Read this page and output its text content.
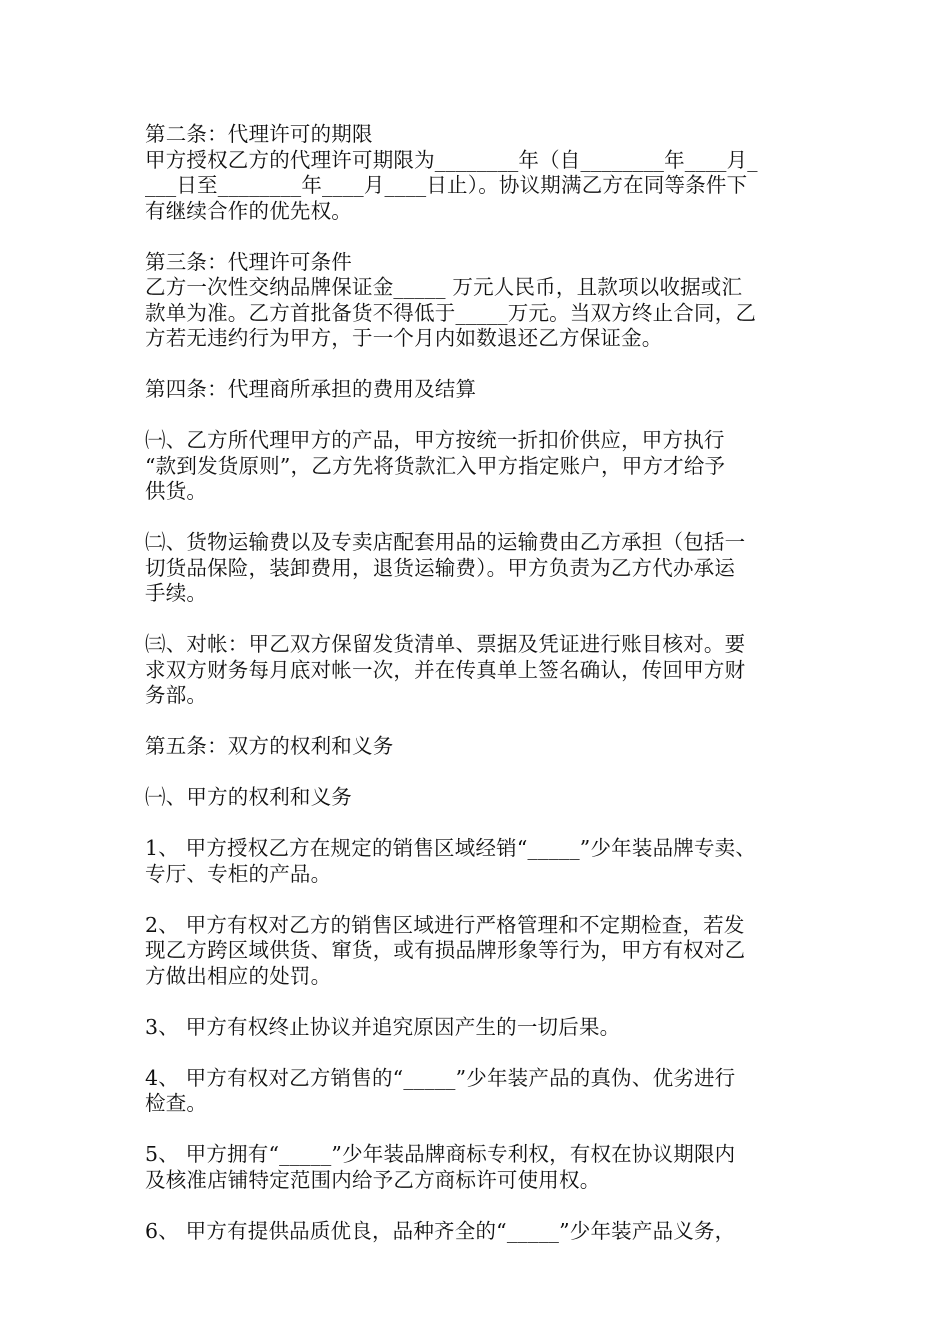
第二条：代理许可的期限
甲方授权乙方的代理许可期限为________年（自________年____月_
___日至________年____月____日止）。协议期满乙方在同等条件下
有继续合作的优先权。
第三条：代理许可条件
乙方一次性交纳品牌保证金_____ 万元人民币，且款项以收据或汇
款单为准。乙方首批备货不得低于_____万元。当双方终止合同，乙
方若无违约行为甲方，于一个月内如数退还乙方保证金。
第四条：代理商所承担的费用及结算
㈠、乙方所代理甲方的产品，甲方按统一折扣价供应，甲方执行
“款到发货原则”，乙方先将货款汇入甲方指定账户，甲方才给予
供货。
㈡、货物运输费以及专卖店配套用品的运输费由乙方承担（包括一
切货品保险，装卸费用，退货运输费）。甲方负责为乙方代办承运
手续。
㈢、对帐：甲乙双方保留发货清单、票据及凭证进行账目核对。要
求双方财务每月底对帐一次，并在传真单上签名确认，传回甲方财
务部。
第五条：双方的权利和义务
㈠、甲方的权利和义务
1、 甲方授权乙方在规定的销售区域经销“_____”少年装品牌专卖、
专厅、专柜的产品。
2、 甲方有权对乙方的销售区域进行严格管理和不定期检查，若发
现乙方跨区域供货、窜货，或有损品牌形象等行为，甲方有权对乙
方做出相应的处罚。
3、 甲方有权终止协议并追究原因产生的一切后果。
4、 甲方有权对乙方销售的“_____”少年装产品的真伪、优劣进行
检查。
5、 甲方拥有“_____”少年装品牌商标专利权，有权在协议期限内
及核准店铺特定范围内给予乙方商标许可使用权。
6、 甲方有提供品质优良，品种齐全的“_____”少年装产品义务，
